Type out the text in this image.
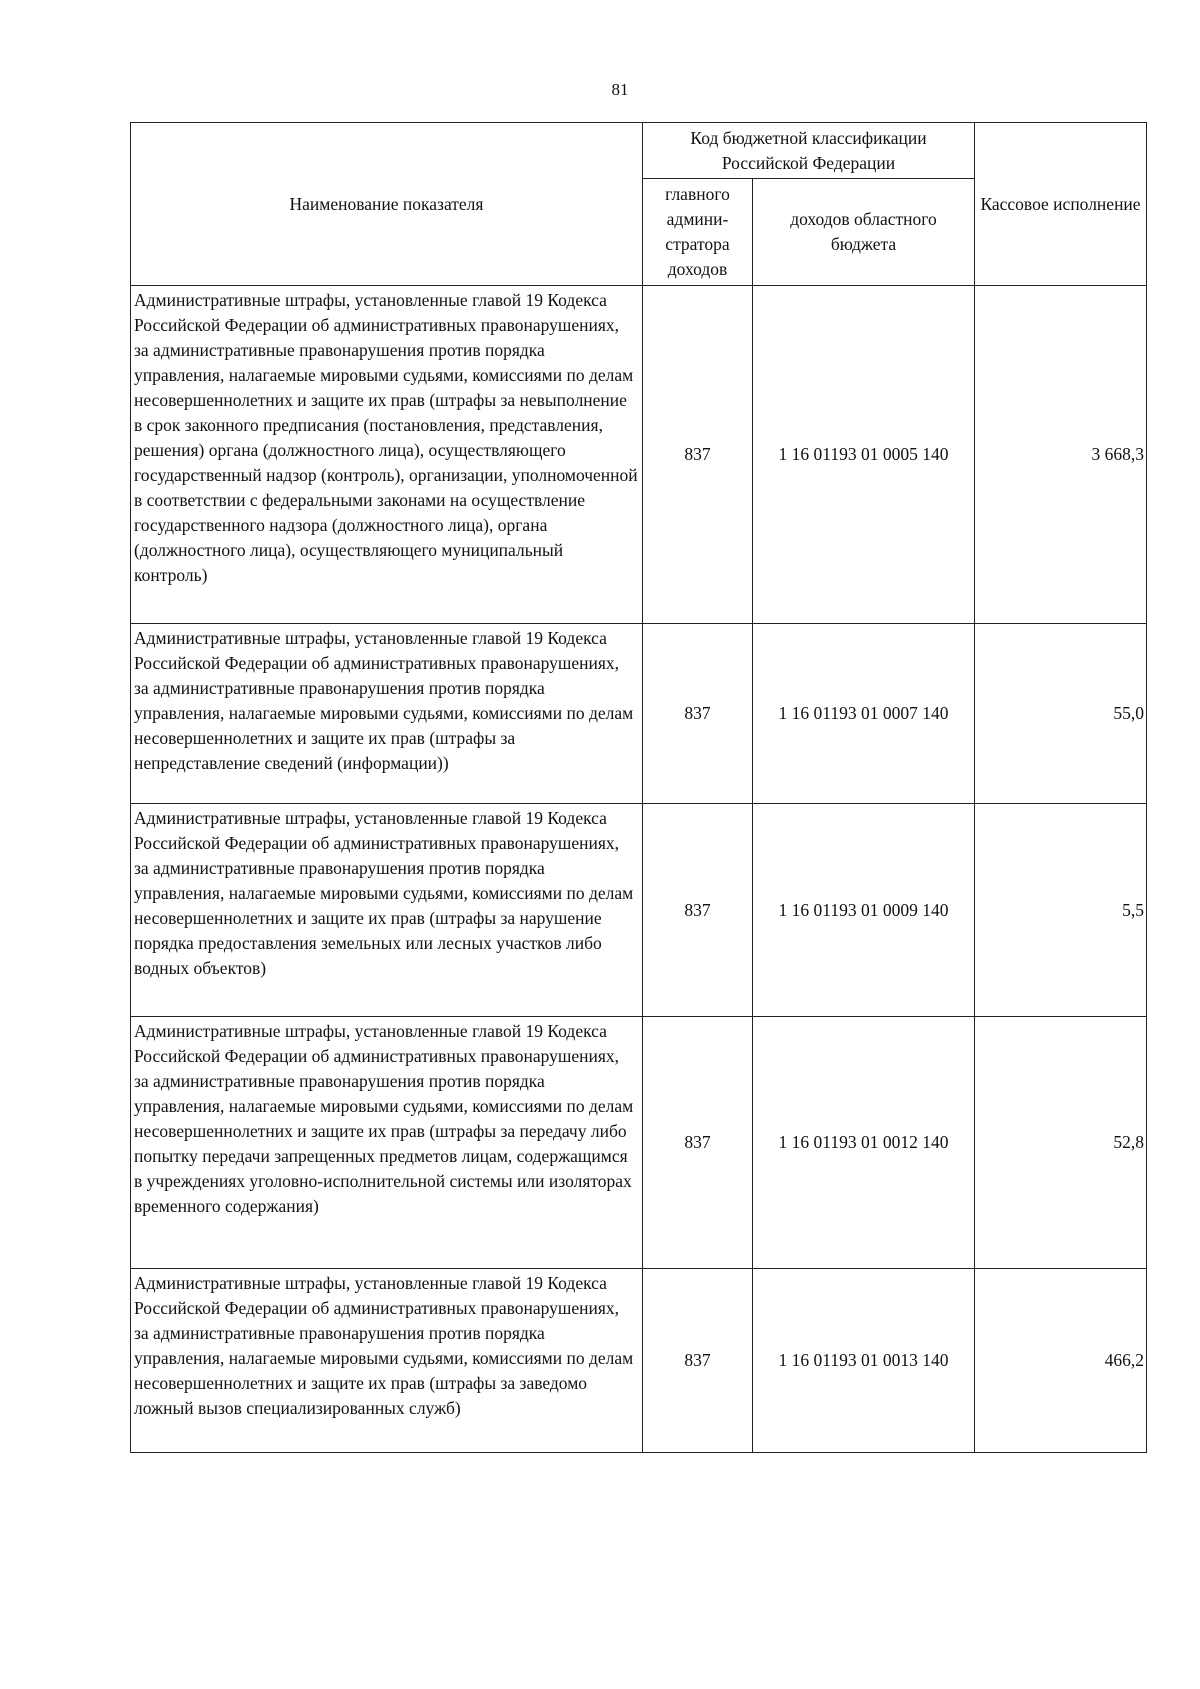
81
Наименование показателя	Код бюджетной классификации Российской Федерации		Кассовое исполнение
	главного админи-стратора доходов	доходов областного бюджета	
Административные штрафы, установленные главой 19 Кодекса Российской Федерации об административных правонарушениях, за административные правонарушения против порядка управления, налагаемые мировыми судьями, комиссиями по делам несовершеннолетних и защите их прав (штрафы за невыполнение в срок законного предписания (постановления, представления, решения) органа (должностного лица), осуществляющего государственный надзор (контроль), организации, уполномоченной в соответствии с федеральными законами на осуществление государственного надзора (должностного лица), органа (должностного лица), осуществляющего муниципальный контроль)	837	1 16 01193 01 0005 140	3 668,3
Административные штрафы, установленные главой 19 Кодекса Российской Федерации об административных правонарушениях, за административные правонарушения против порядка управления, налагаемые мировыми судьями, комиссиями по делам несовершеннолетних и защите их прав (штрафы за непредставление сведений (информации))	837	1 16 01193 01 0007 140	55,0
Административные штрафы, установленные главой 19 Кодекса Российской Федерации об административных правонарушениях, за административные правонарушения против порядка управления, налагаемые мировыми судьями, комиссиями по делам несовершеннолетних и защите их прав (штрафы за нарушение порядка предоставления земельных или лесных участков либо водных объектов)	837	1 16 01193 01 0009 140	5,5
Административные штрафы, установленные главой 19 Кодекса Российской Федерации об административных правонарушениях, за административные правонарушения против порядка управления, налагаемые мировыми судьями, комиссиями по делам несовершеннолетних и защите их прав (штрафы за передачу либо попытку передачи запрещенных предметов лицам, содержащимся в учреждениях уголовно-исполнительной системы или изоляторах временного содержания)	837	1 16 01193 01 0012 140	52,8
Административные штрафы, установленные главой 19 Кодекса Российской Федерации об административных правонарушениях, за административные правонарушения против порядка управления, налагаемые мировыми судьями, комиссиями по делам несовершеннолетних и защите их прав (штрафы за заведомо ложный вызов специализированных служб)	837	1 16 01193 01 0013 140	466,2
